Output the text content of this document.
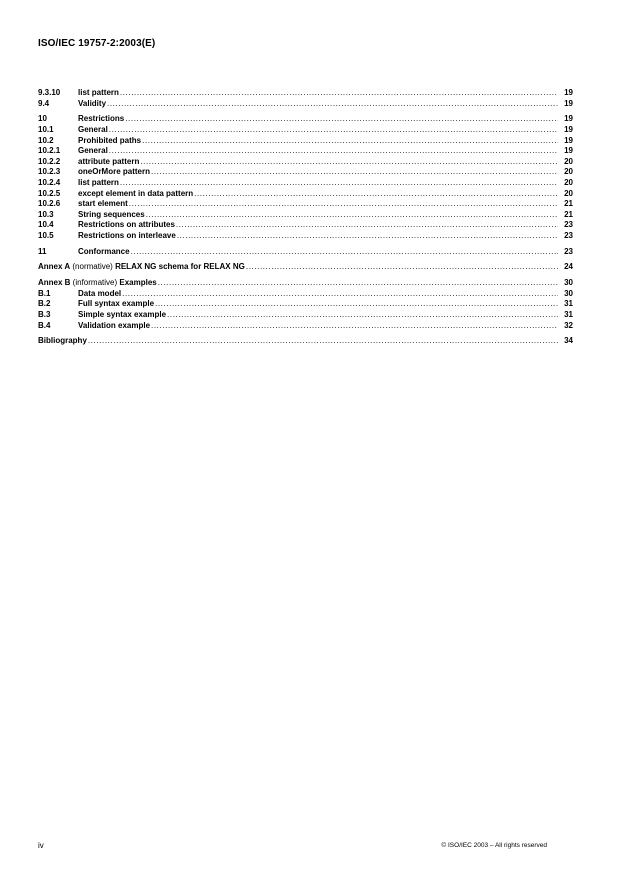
ISO/IEC 19757-2:2003(E)
9.3.10	list pattern .....	19
9.4	Validity .....	19
10	Restrictions .....	19
10.1	General .....	19
10.2	Prohibited paths .....	19
10.2.1	General .....	19
10.2.2	attribute pattern .....	20
10.2.3	oneOrMore pattern .....	20
10.2.4	list pattern .....	20
10.2.5	except element in data pattern .....	20
10.2.6	start element .....	21
10.3	String sequences .....	21
10.4	Restrictions on attributes .....	23
10.5	Restrictions on interleave .....	23
11	Conformance .....	23
Annex A (normative) RELAX NG schema for RELAX NG .....	24
Annex B (informative) Examples .....	30
B.1	Data model .....	30
B.2	Full syntax example .....	31
B.3	Simple syntax example .....	31
B.4	Validation example .....	32
Bibliography .....	34
iv	© ISO/IEC 2003 – All rights reserved
